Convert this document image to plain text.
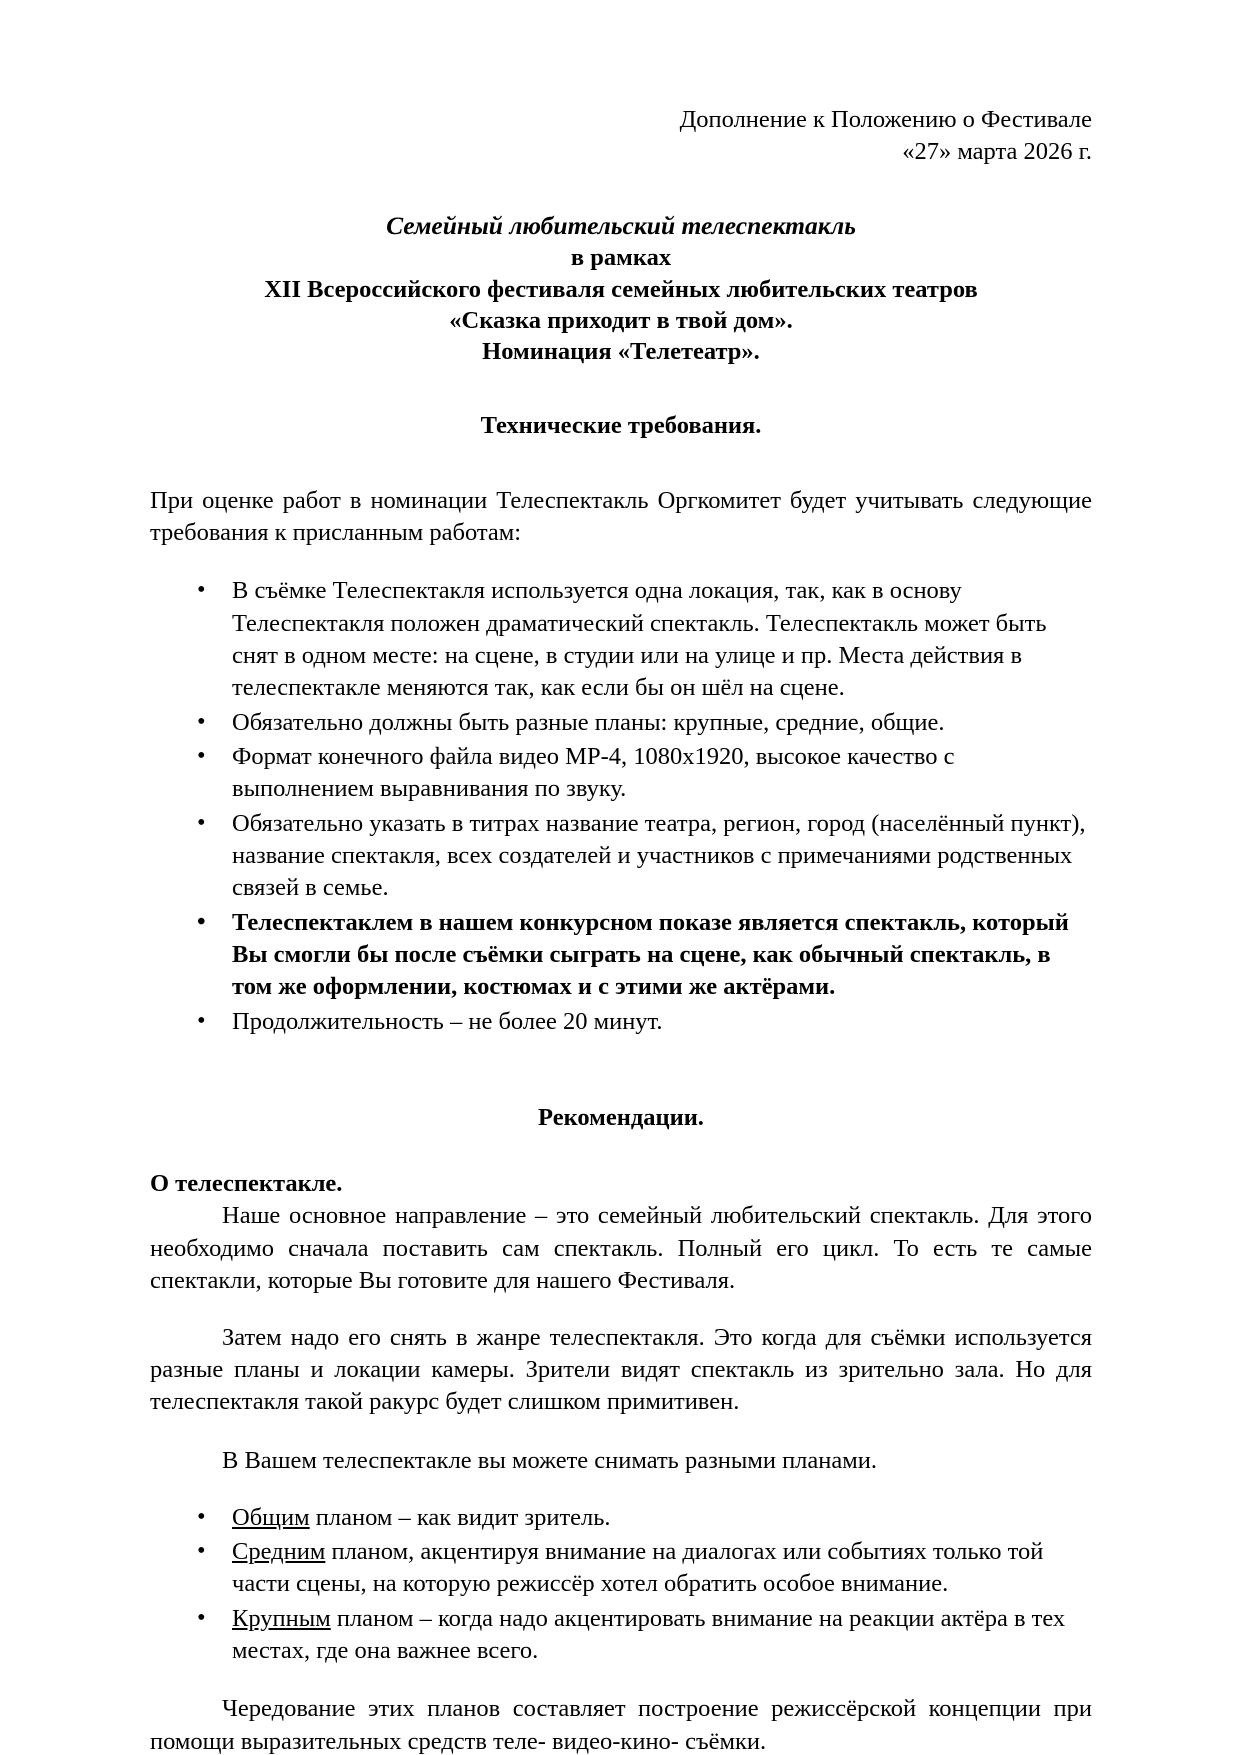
Дополнение к Положению о Фестивале
«27» марта 2026 г.
Семейный любительский телеспектакль
в рамках
XII Всероссийского фестиваля семейных любительских театров
«Сказка приходит в твой дом».
Номинация «Телетеатр».
Технические требования.

При оценке работ в номинации Телеспектакль Оргкомитет будет учитывать следующие требования к присланным работам:

• В съёмке Телеспектакля используется одна локация, так, как в основу Телеспектакля положен драматический спектакль. Телеспектакль может быть снят в одном месте: на сцене, в студии или на улице и пр. Места действия в телеспектакле меняются так, как если бы он шёл на сцене.
• Обязательно должны быть разные планы: крупные, средние, общие.
• Формат конечного файла видео МР-4, 1080х1920, высокое качество с выполнением выравнивания по звуку.
• Обязательно указать в титрах название театра, регион, город (населённый пункт), название спектакля, всех создателей и участников с примечаниями родственных связей в семье.
• Телеспектаклем в нашем конкурсном показе является спектакль, который Вы смогли бы после съёмки сыграть на сцене, как обычный спектакль, в том же оформлении, костюмах и с этими же актёрами.
• Продолжительность – не более 20 минут.
Рекомендации.
О телеспектакле.

Наше основное направление – это семейный любительский спектакль. Для этого необходимо сначала поставить сам спектакль. Полный его цикл. То есть те самые спектакли, которые Вы готовите для нашего Фестиваля.

Затем надо его снять в жанре телеспектакля. Это когда для съёмки используется разные планы и локации камеры. Зрители видят спектакль из зрительно зала. Но для телеспектакля такой ракурс будет слишком примитивен.

В Вашем телеспектакле вы можете снимать разными планами.

• Общим планом – как видит зритель.
• Средним планом, акцентируя внимание на диалогах или событиях только той части сцены, на которую режиссёр хотел обратить особое внимание.
• Крупным планом – когда надо акцентировать внимание на реакции актёра в тех местах, где она важнее всего.

Чередование этих планов составляет построение режиссёрской концепции при помощи выразительных средств теле- видео-кино- съёмки.
